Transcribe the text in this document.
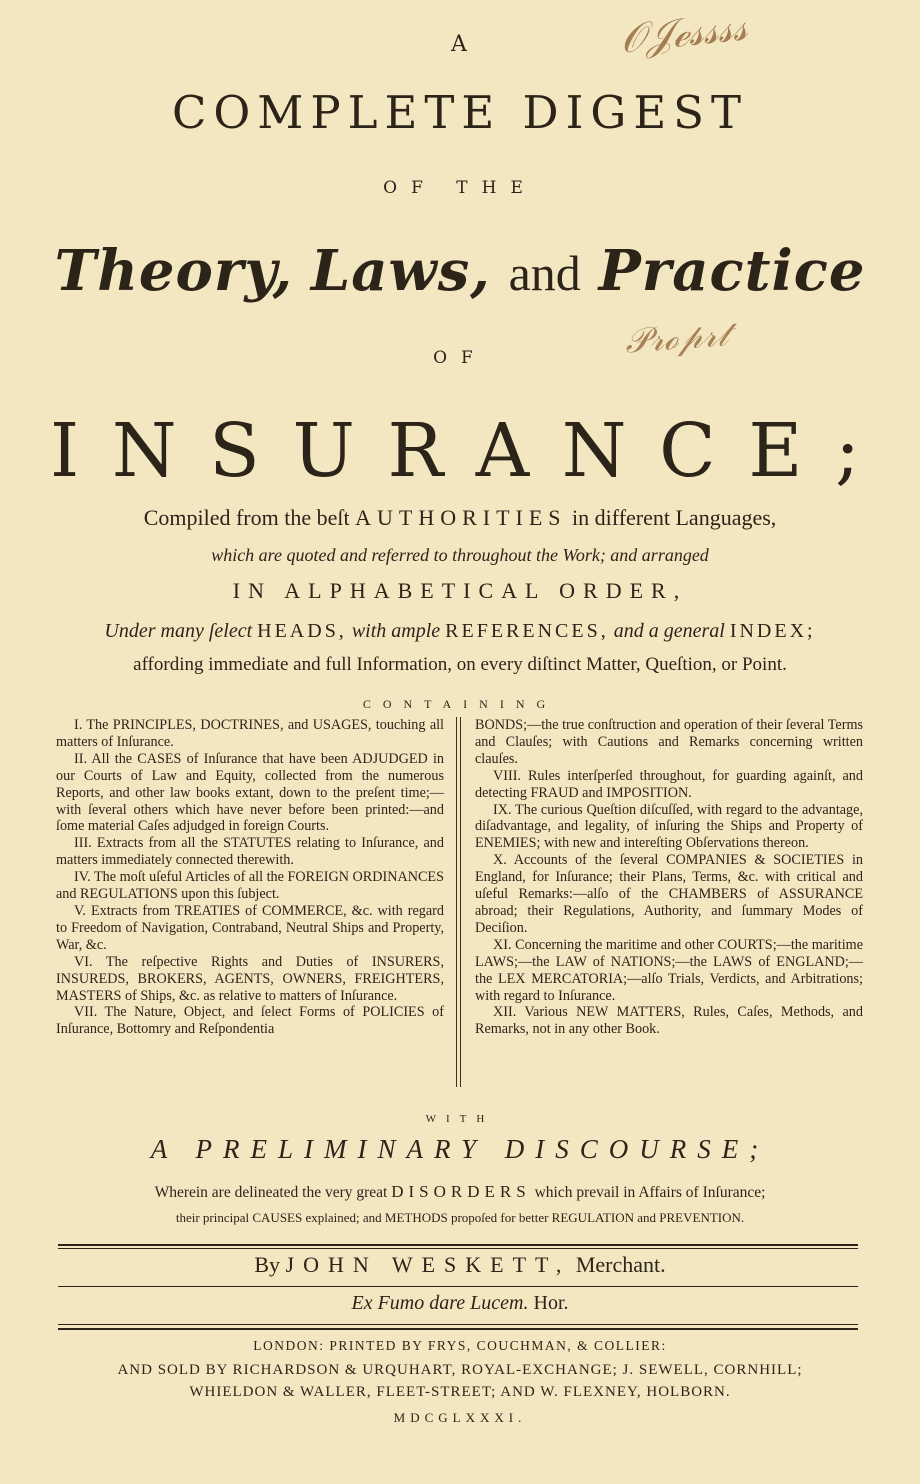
𝒪𝒥ℯ𝓈𝓈𝓈𝓈
𝒫𝓇ℴ𝓅𝓇𝓉
A
COMPLETE DIGEST
OF THE
Theory, Laws, and Practice
OF
I N S U R A N C E ;
Compiled from the beſt AUTHORITIES in different Languages,
which are quoted and referred to throughout the Work; and arranged
IN ALPHABETICAL ORDER,
Under many ſelect HEADS, with ample REFERENCES, and a general INDEX;
affording immediate and full Information, on every diſtinct Matter, Queſtion, or Point.
CONTAINING

I. The PRINCIPLES, DOCTRINES, and USAGES, touching all matters of Inſurance.

II. All the CASES of Inſurance that have been ADJUDGED in our Courts of Law and Equity, collected from the numerous Reports, and other law books extant, down to the preſent time;—with ſeveral others which have never before been printed:—and ſome material Caſes adjudged in foreign Courts.

III. Extracts from all the STATUTES relating to Inſurance, and matters immediately connected therewith.

IV. The moſt uſeful Articles of all the FOREIGN ORDINANCES and REGULATIONS upon this ſubject.

V. Extracts from TREATIES of COMMERCE, &c. with regard to Freedom of Navigation, Contraband, Neutral Ships and Property, War, &c.

VI. The reſpective Rights and Duties of INSURERS, INSUREDS, BROKERS, AGENTS, OWNERS, FREIGHTERS, MASTERS of Ships, &c. as relative to matters of Inſurance.

VII. The Nature, Object, and ſelect Forms of POLICIES of Inſurance, Bottomry and Reſpondentia

BONDS;—the true conſtruction and operation of their ſeveral Terms and Clauſes; with Cautions and Remarks concerning written clauſes.

VIII. Rules interſperſed throughout, for guarding againſt, and detecting FRAUD and IMPOSITION.

IX. The curious Queſtion diſcuſſed, with regard to the advantage, diſadvantage, and legality, of inſuring the Ships and Property of ENEMIES; with new and intereſting Obſervations thereon.

X. Accounts of the ſeveral COMPANIES & SOCIETIES in England, for Inſurance; their Plans, Terms, &c. with critical and uſeful Remarks:—alſo of the CHAMBERS of ASSURANCE abroad; their Regulations, Authority, and ſummary Modes of Deciſion.

XI. Concerning the maritime and other COURTS;—the maritime LAWS;—the LAW of NATIONS;—the LAWS of ENGLAND;—the LEX MERCATORIA;—alſo Trials, Verdicts, and Arbitrations; with regard to Inſurance.

XII. Various NEW MATTERS, Rules, Caſes, Methods, and Remarks, not in any other Book.

WITH
A PRELIMINARY DISCOURSE;
Wherein are delineated the very great DISORDERS which prevail in Affairs of Inſurance;
their principal CAUSES explained; and METHODS propoſed for better REGULATION and PREVENTION.
By JOHN WESKETT, Merchant.
Ex Fumo dare Lucem. Hor.
LONDON: PRINTED BY FRYS, COUCHMAN, & COLLIER:
AND SOLD BY RICHARDSON & URQUHART, ROYAL-EXCHANGE; J. SEWELL, CORNHILL;
WHIELDON & WALLER, FLEET-STREET; AND W. FLEXNEY, HOLBORN.
MDCGLXXXI.
